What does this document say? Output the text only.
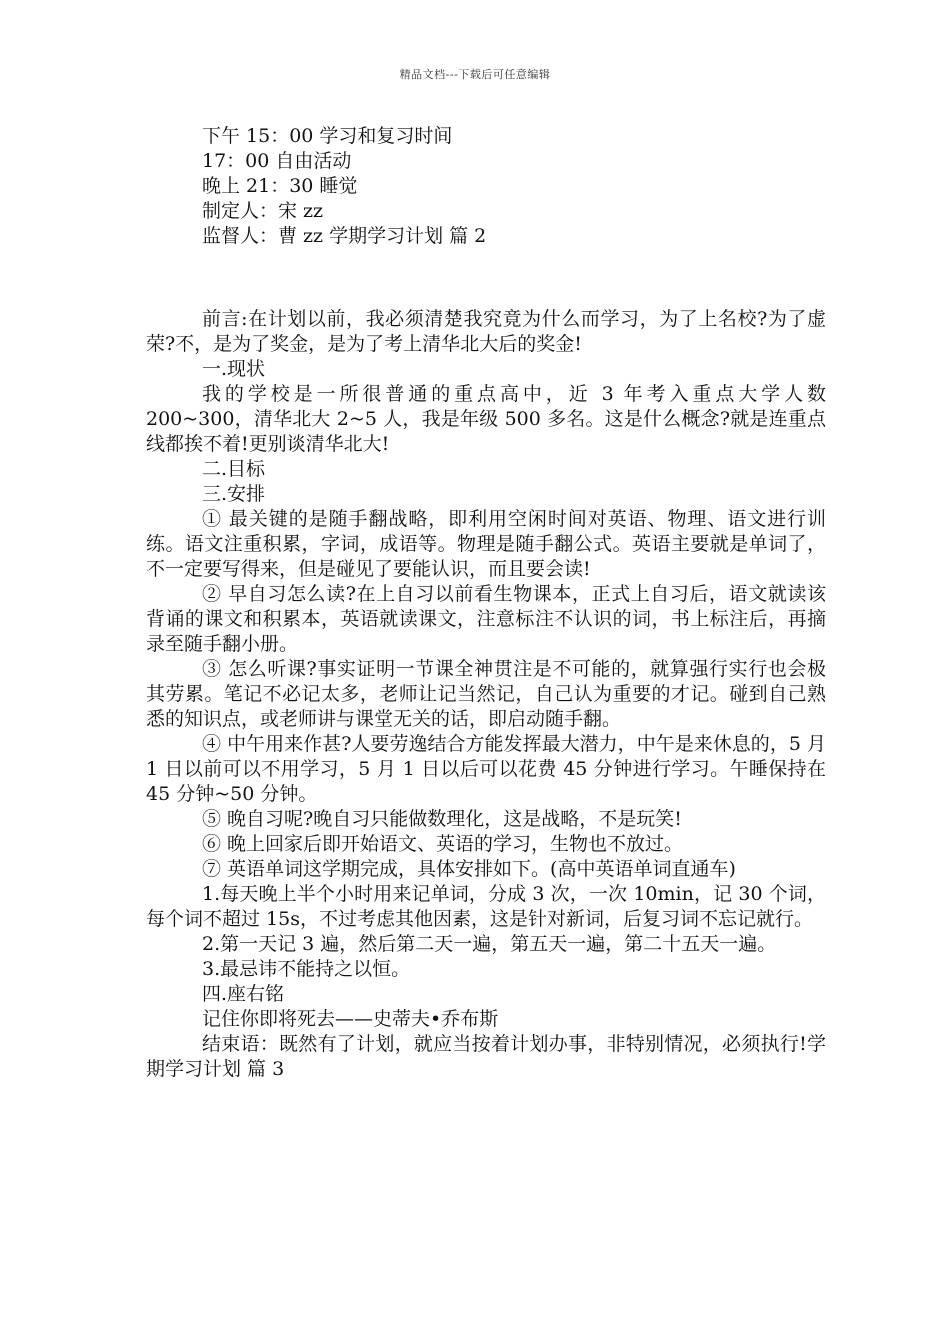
精品文档---下载后可任意编辑
下午 15：00 学习和复习时间
17：00 自由活动
晚上 21：30 睡觉
制定人：宋 zz
监督人：曹 zz 学期学习计划 篇 2
前言:在计划以前，我必须清楚我究竟为什么而学习，为了上名校?为了虚荣?不，是为了奖金，是为了考上清华北大后的奖金!
一.现状
我的学校是一所很普通的重点高中，近 3 年考入重点大学人数 200~300，清华北大 2~5 人，我是年级 500 多名。这是什么概念?就是连重点线都挨不着!更别谈清华北大!
二.目标
三.安排
① 最关键的是随手翻战略，即利用空闲时间对英语、物理、语文进行训练。语文注重积累，字词，成语等。物理是随手翻公式。英语主要就是单词了，不一定要写得来，但是碰见了要能认识，而且要会读!
② 早自习怎么读?在上自习以前看生物课本，正式上自习后，语文就读该背诵的课文和积累本，英语就读课文，注意标注不认识的词，书上标注后，再摘录至随手翻小册。
③ 怎么听课?事实证明一节课全神贯注是不可能的，就算强行实行也会极其劳累。笔记不必记太多，老师让记当然记，自己认为重要的才记。碰到自己熟悉的知识点，或老师讲与课堂无关的话，即启动随手翻。
④ 中午用来作甚?人要劳逸结合方能发挥最大潜力，中午是来休息的，5 月 1 日以前可以不用学习，5 月 1 日以后可以花费 45 分钟进行学习。午睡保持在 45 分钟~50 分钟。
⑤ 晚自习呢?晚自习只能做数理化，这是战略，不是玩笑!
⑥ 晚上回家后即开始语文、英语的学习，生物也不放过。
⑦ 英语单词这学期完成，具体安排如下。(高中英语单词直通车)
1.每天晚上半个小时用来记单词，分成 3 次，一次 10min，记 30 个词，每个词不超过 15s，不过考虑其他因素，这是针对新词，后复习词不忘记就行。
2.第一天记 3 遍，然后第二天一遍，第五天一遍，第二十五天一遍。
3.最忌讳不能持之以恒。
四.座右铭
记住你即将死去——史蒂夫•乔布斯
结束语：既然有了计划，就应当按着计划办事，非特别情况，必须执行!学期学习计划 篇 3
